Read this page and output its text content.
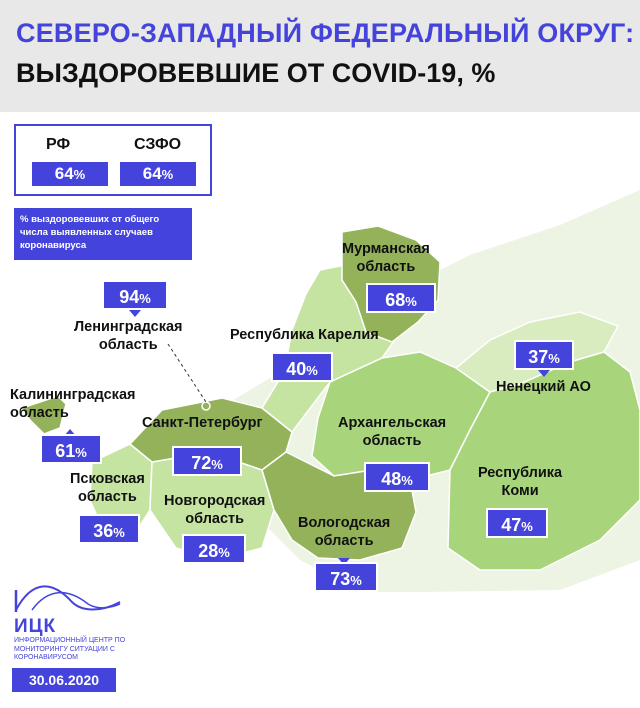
СЕВЕРО-ЗАПАДНЫЙ ФЕДЕРАЛЬНЫЙ ОКРУГ:
ВЫЗДОРОВЕВШИЕ ОТ COVID-19, %
РФ	СЗФО
64%	64%
% выздоровевших от общего числа выявленных случаев коронавируса	Мурманская
область
68%
Республика Карелия
40%
94%
Ленинградская
область
37%
Ненецкий АО
Калининградская
область
61%
Санкт-Петербург
72%
Архангельская
область
48%	Республика
Коми
47%
Псковская
область
36%
Новгородская
область
28%
Вологодская
область
73%
ИЦК
ИНФОРМАЦИОННЫЙ ЦЕНТР ПО МОНИТОРИНГУ СИТУАЦИИ С КОРОНАВИРУСОМ
30.06.2020
